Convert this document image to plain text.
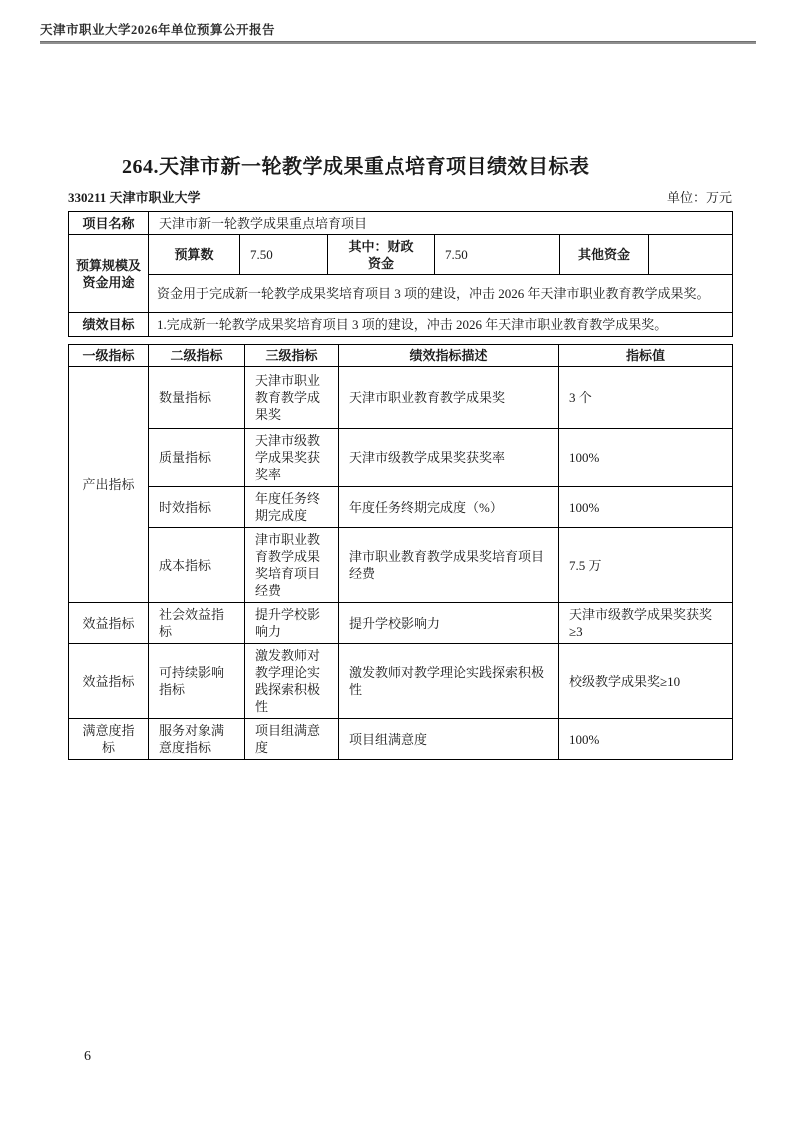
天津市职业大学2026年单位预算公开报告
264.天津市新一轮教学成果重点培育项目绩效目标表
330211 天津市职业大学	单位：万元
项目名称	天津市新一轮教学成果重点培育项目					
预算规模及资金用途	预算数	7.50	其中：财政资金	7.50	其他资金	
	资金用于完成新一轮教学成果奖培育项目 3 项的建设，冲击 2026 年天津市职业教育教学成果奖。					
绩效目标	1.完成新一轮教学成果奖培育项目 3 项的建设，冲击 2026 年天津市职业教育教学成果奖。					
一级指标	二级指标	三级指标	绩效指标描述	指标值
产出指标	数量指标	天津市职业教育教学成果奖	天津市职业教育教学成果奖	3 个
	质量指标	天津市级教学成果奖获奖率	天津市级教学成果奖获奖率	100%
	时效指标	年度任务终期完成度	年度任务终期完成度（%）	100%
	成本指标	津市职业教育教学成果奖培育项目经费	津市职业教育教学成果奖培育项目经费	7.5 万
效益指标	社会效益指标	提升学校影响力	提升学校影响力	天津市级教学成果奖获奖≥3
效益指标	可持续影响指标	激发教师对教学理论实践探索积极性	激发教师对教学理论实践探索积极性	校级教学成果奖≥10
满意度指标	服务对象满意度指标	项目组满意度	项目组满意度	100%
6
